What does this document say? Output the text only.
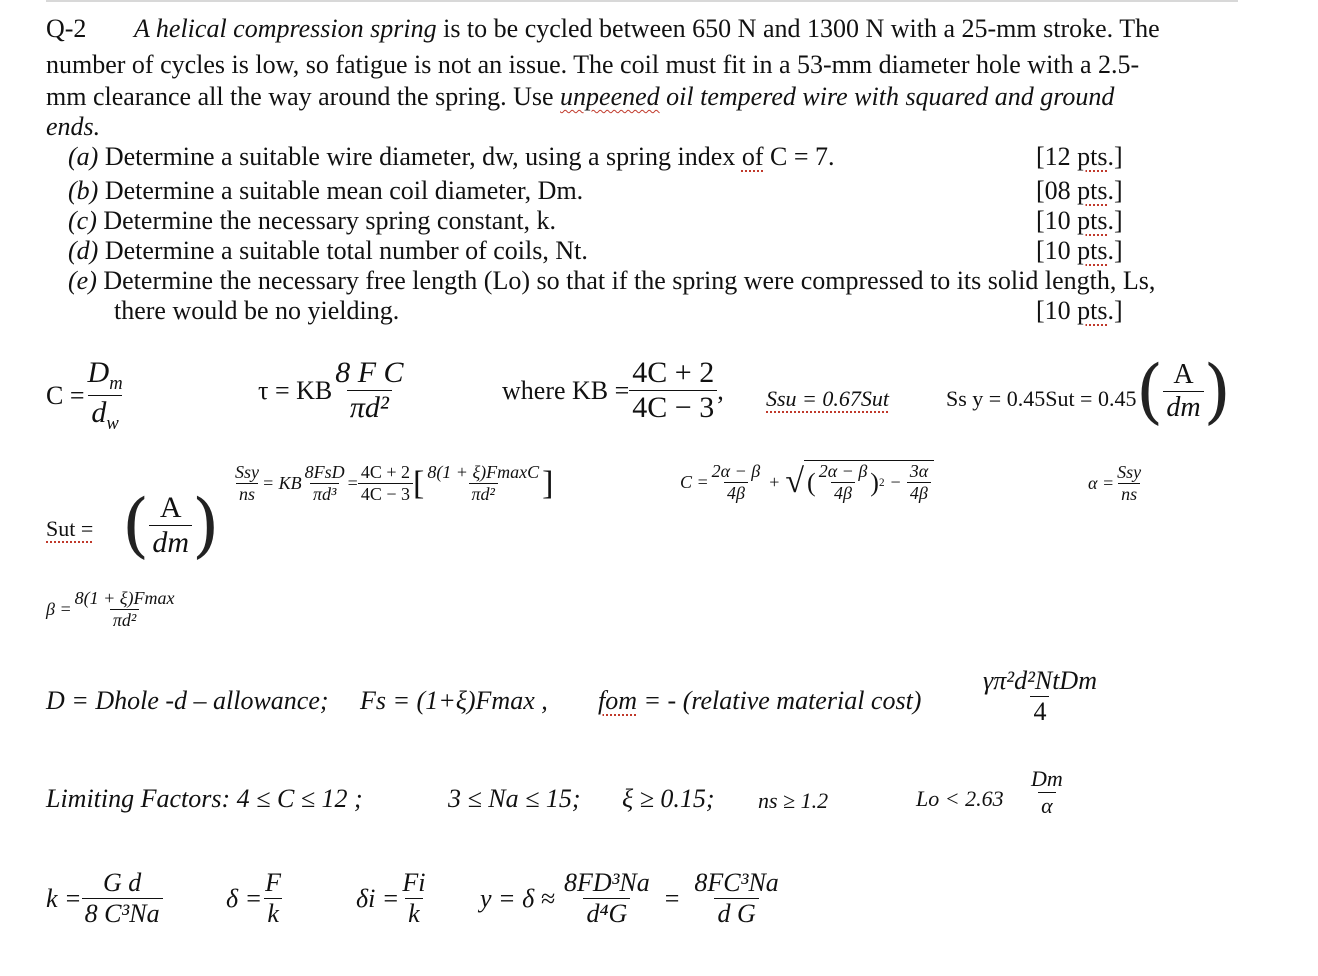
Q-2 A helical compression spring is to be cycled between 650 N and 1300 N with a 25-mm stroke. The
number of cycles is low, so fatigue is not an issue. The coil must fit in a 53-mm diameter hole with a 2.5-
mm clearance all the way around the spring. Use unpeened oil tempered wire with squared and ground
ends.
(a) Determine a suitable wire diameter, dw, using a spring index of C = 7.	[12 pts.]
(b) Determine a suitable mean coil diameter, Dm.	[08 pts.]
(c) Determine the necessary spring constant, k.	[10 pts.]
(d) Determine a suitable total number of coils, Nt.	[10 pts.]
(e) Determine the necessary free length (Lo) so that if the spring were compressed to its solid length, Ls,
there would be no yielding.	[10 pts.]
$C = \frac{D_m}{d_w}$	τ = KB $\frac{\text{8 F C}}{\text{πd²}}$	where KB = $\frac{4C + 2}{4C - 3}$ , Ssu = 0.67Sut	Ss y = 0.45Sut = 0.45 ( $\frac{A}{dm}$ )
Sut = ( $\frac{A}{dm}$ )
$\frac{\text{Ssy}}{ns}$ = KB $\frac{\text{8FsD}}{\text{πd³}} = \frac{4C + 2}{4C - 3}$ [ $\frac{8(1 + \xi)FmaxC}{\text{πd²}}$ ]	$C = \frac{2\alpha - \beta}{4\beta}$ + √ ( $\frac{2\alpha - \beta}{4\beta}$ ) $2 - \frac{3\alpha}{4\beta}$	$\alpha = \frac{\text{Ssy}}{ns}$
$\beta = \frac{8(1 + \xi)Fmax}{\text{πd²}}$
D = Dhole -d – allowance; Fs = (1+ξ)Fmax , fom = - (relative material $\cos t) \frac{\text{γπ²d²NtDm}}{4}$
Limiting Factors: 4 ≤ C ≤ 12 ;	3 ≤ Na ≤ 15; ξ ≥ 0.15; ns ≥ 1.2	$Lo < 2.63 \frac{Dm}{\alpha}$
$k = \frac{\text{G d}}{\text{8 C³Na}}$ $\delta = \frac{F}{k}$	$\delta i = \frac{Fi}{k}$ $y = \delta \approx \frac{\text{8FD³Na}}{\text{d⁴G}} = \frac{\text{8FC³Na}}{\text{d G}}$
